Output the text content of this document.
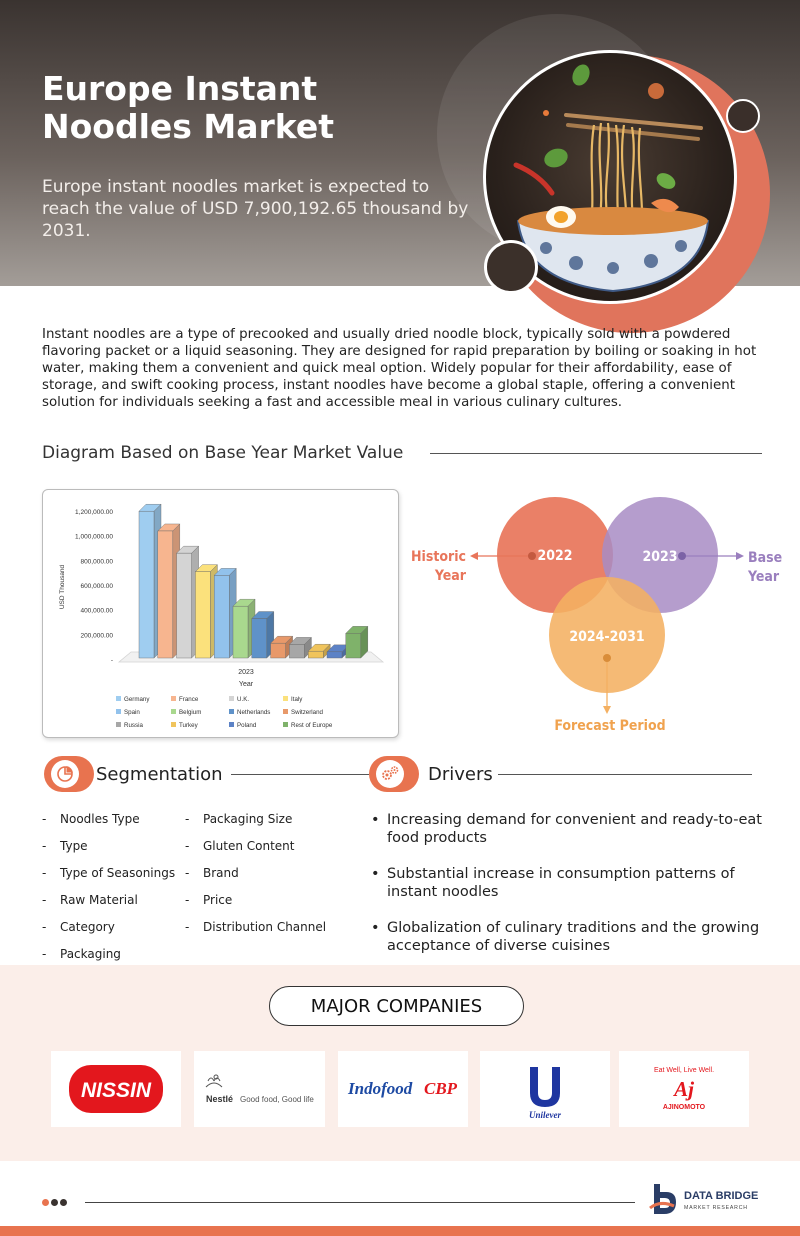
Europe Instant Noodles Market
Europe instant noodles market is expected to reach the value of USD 7,900,192.65 thousand by 2031.
Instant noodles are a type of precooked and usually dried noodle block, typically sold with a powdered flavoring packet or a liquid seasoning. They are designed for rapid preparation by boiling or soaking in hot water, making them a convenient and quick meal option. Widely popular for their affordability, ease of storage, and swift cooking process, instant noodles have become a global staple, offering a convenient solution for individuals seeking a fast and accessible meal in various culinary cultures.
Diagram Based on Base Year Market Value
1,200,000.00
1,000,000.00
800,000.00
600,000.00
400,000.00
200,000.00
-
2023
Year
USD Thousand
Germany	France	U.K.	Italy
Spain	Belgium	Netherlands	Switzerland
Russia	Turkey	Poland	Rest of Europe
2022	2023
2024-2031
Historic
Year
Base
Year
Forecast Period
Segmentation
- Noodles Type
- Type
- Type of Seasonings
- Raw Material
- Category
- Packaging
- Packaging Size
- Gluten Content
- Brand
- Price
- Distribution Channel
Drivers
• Increasing demand for convenient and ready-to-eat food products
• Substantial increase in consumption patterns of instant noodles
• Globalization of culinary traditions and the growing acceptance of diverse cuisines
MAJOR COMPANIES
NISSIN	Nestlé Good food, Good life
Indofood CBP
Unilever
Eat Well, Live Well.
Aj
AJINOMOTO
DATA BRIDGE
MARKET RESEARCH
